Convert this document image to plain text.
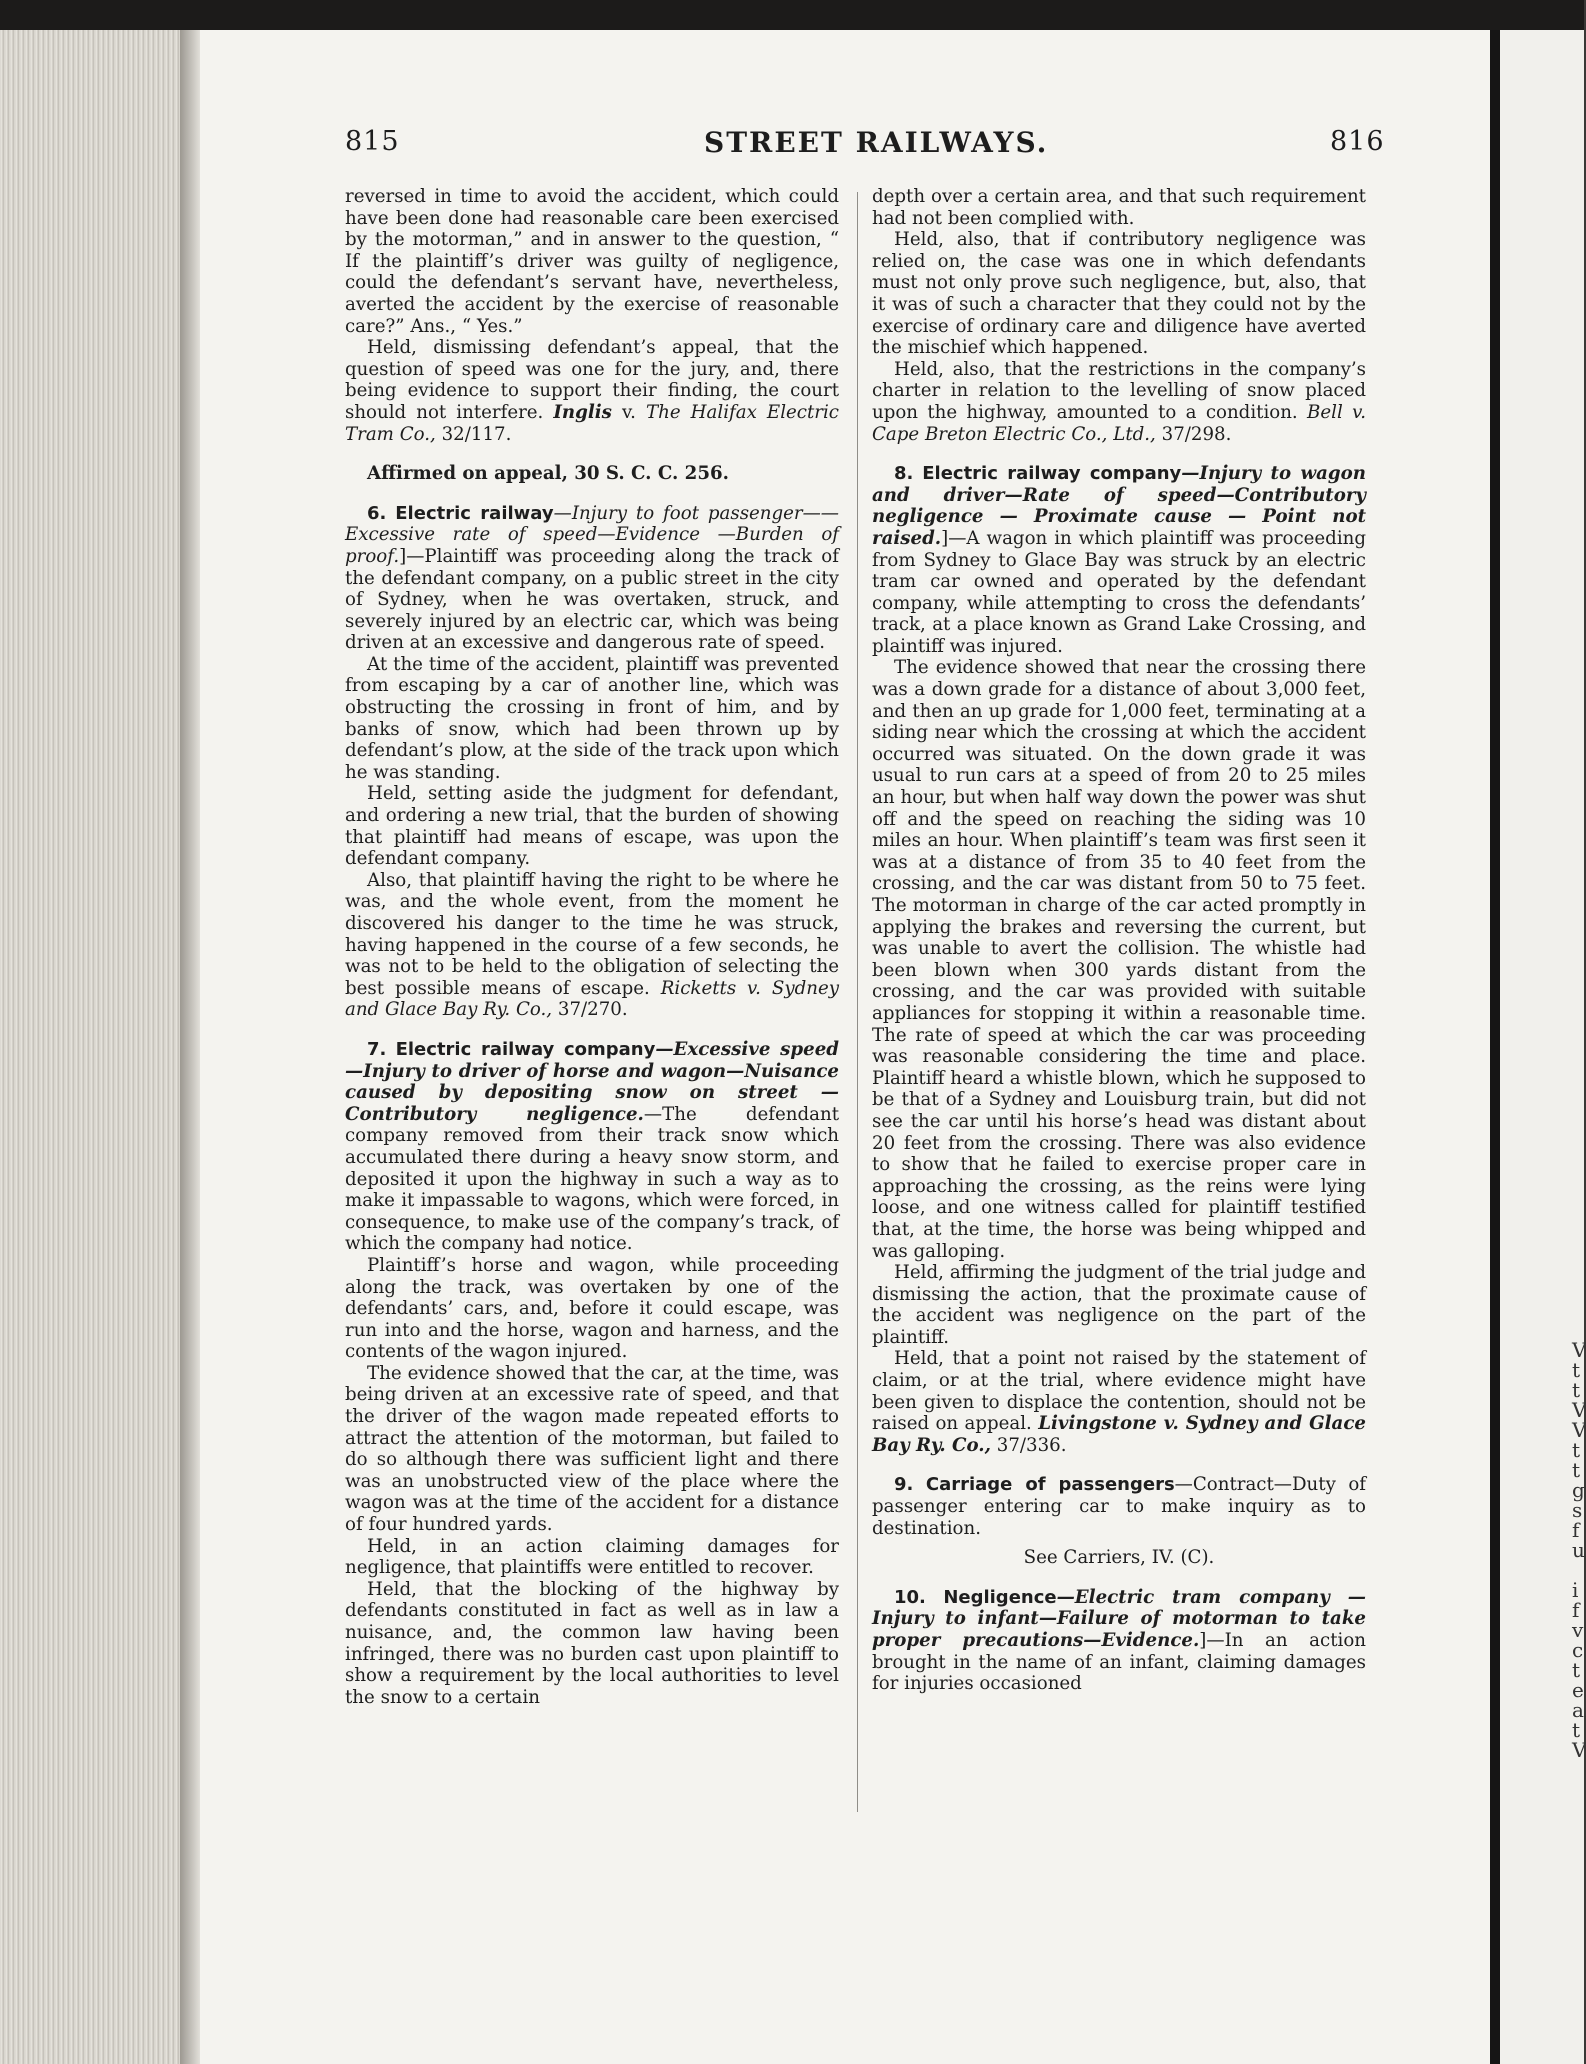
V
t
t
V
V
t
t
g
s
f
u

i
f
v
c
t
e
a
t
V
815	STREET RAILWAYS.	816

reversed in time to avoid the accident, which could have been done had reasonable care been exercised by the motorman,” and in answer to the question, “ If the plaintiff’s driver was guilty of negligence, could the defendant’s servant have, nevertheless, averted the accident by the exercise of reasonable care?” Ans., “ Yes.”

Held, dismissing defendant’s appeal, that the question of speed was one for the jury, and, there being evidence to support their finding, the court should not interfere. Inglis v. The Halifax Electric Tram Co., 32/117.

Affirmed on appeal, 30 S. C. C. 256.

6. Electric railway—Injury to foot passenger——Excessive rate of speed—Evidence —Burden of proof.]—Plaintiff was proceeding along the track of the defendant company, on a public street in the city of Sydney, when he was overtaken, struck, and severely injured by an electric car, which was being driven at an excessive and dangerous rate of speed.

At the time of the accident, plaintiff was prevented from escaping by a car of another line, which was obstructing the crossing in front of him, and by banks of snow, which had been thrown up by defendant’s plow, at the side of the track upon which he was standing.

Held, setting aside the judgment for defendant, and ordering a new trial, that the burden of showing that plaintiff had means of escape, was upon the defendant company.

Also, that plaintiff having the right to be where he was, and the whole event, from the moment he discovered his danger to the time he was struck, having happened in the course of a few seconds, he was not to be held to the obligation of selecting the best possible means of escape. Ricketts v. Sydney and Glace Bay Ry. Co., 37/270.

7. Electric railway company—Excessive speed—Injury to driver of horse and wagon—Nuisance caused by depositing snow on street — Contributory negligence.—The defendant company removed from their track snow which accumulated there during a heavy snow storm, and deposited it upon the highway in such a way as to make it impassable to wagons, which were forced, in consequence, to make use of the company’s track, of which the company had notice.

Plaintiff’s horse and wagon, while proceeding along the track, was overtaken by one of the defendants’ cars, and, before it could escape, was run into and the horse, wagon and harness, and the contents of the wagon injured.

The evidence showed that the car, at the time, was being driven at an excessive rate of speed, and that the driver of the wagon made repeated efforts to attract the attention of the motorman, but failed to do so although there was sufficient light and there was an unobstructed view of the place where the wagon was at the time of the accident for a distance of four hundred yards.

Held, in an action claiming damages for negligence, that plaintiffs were entitled to recover.

Held, that the blocking of the highway by defendants constituted in fact as well as in law a nuisance, and, the common law having been infringed, there was no burden cast upon plaintiff to show a requirement by the local authorities to level the snow to a certain

depth over a certain area, and that such requirement had not been complied with.

Held, also, that if contributory negligence was relied on, the case was one in which defendants must not only prove such negligence, but, also, that it was of such a character that they could not by the exercise of ordinary care and diligence have averted the mischief which happened.

Held, also, that the restrictions in the company’s charter in relation to the levelling of snow placed upon the highway, amounted to a condition. Bell v. Cape Breton Electric Co., Ltd., 37/298.

8. Electric railway company—Injury to wagon and driver—Rate of speed—Contributory negligence — Proximate cause — Point not raised.]—A wagon in which plaintiff was proceeding from Sydney to Glace Bay was struck by an electric tram car owned and operated by the defendant company, while attempting to cross the defendants’ track, at a place known as Grand Lake Crossing, and plaintiff was injured.

The evidence showed that near the crossing there was a down grade for a distance of about 3,000 feet, and then an up grade for 1,000 feet, terminating at a siding near which the crossing at which the accident occurred was situated. On the down grade it was usual to run cars at a speed of from 20 to 25 miles an hour, but when half way down the power was shut off and the speed on reaching the siding was 10 miles an hour. When plaintiff’s team was first seen it was at a distance of from 35 to 40 feet from the crossing, and the car was distant from 50 to 75 feet. The motorman in charge of the car acted promptly in applying the brakes and reversing the current, but was unable to avert the collision. The whistle had been blown when 300 yards distant from the crossing, and the car was provided with suitable appliances for stopping it within a reasonable time. The rate of speed at which the car was proceeding was reasonable considering the time and place. Plaintiff heard a whistle blown, which he supposed to be that of a Sydney and Louisburg train, but did not see the car until his horse’s head was distant about 20 feet from the crossing. There was also evidence to show that he failed to exercise proper care in approaching the crossing, as the reins were lying loose, and one witness called for plaintiff testified that, at the time, the horse was being whipped and was galloping.

Held, affirming the judgment of the trial judge and dismissing the action, that the proximate cause of the accident was negligence on the part of the plaintiff.

Held, that a point not raised by the statement of claim, or at the trial, where evidence might have been given to displace the contention, should not be raised on appeal. Livingstone v. Sydney and Glace Bay Ry. Co., 37/336.

9. Carriage of passengers—Contract—Duty of passenger entering car to make inquiry as to destination.

See Carriers, IV. (C).

10. Negligence—Electric tram company —Injury to infant—Failure of motorman to take proper precautions—Evidence.]—In an action brought in the name of an infant, claiming damages for injuries occasioned
